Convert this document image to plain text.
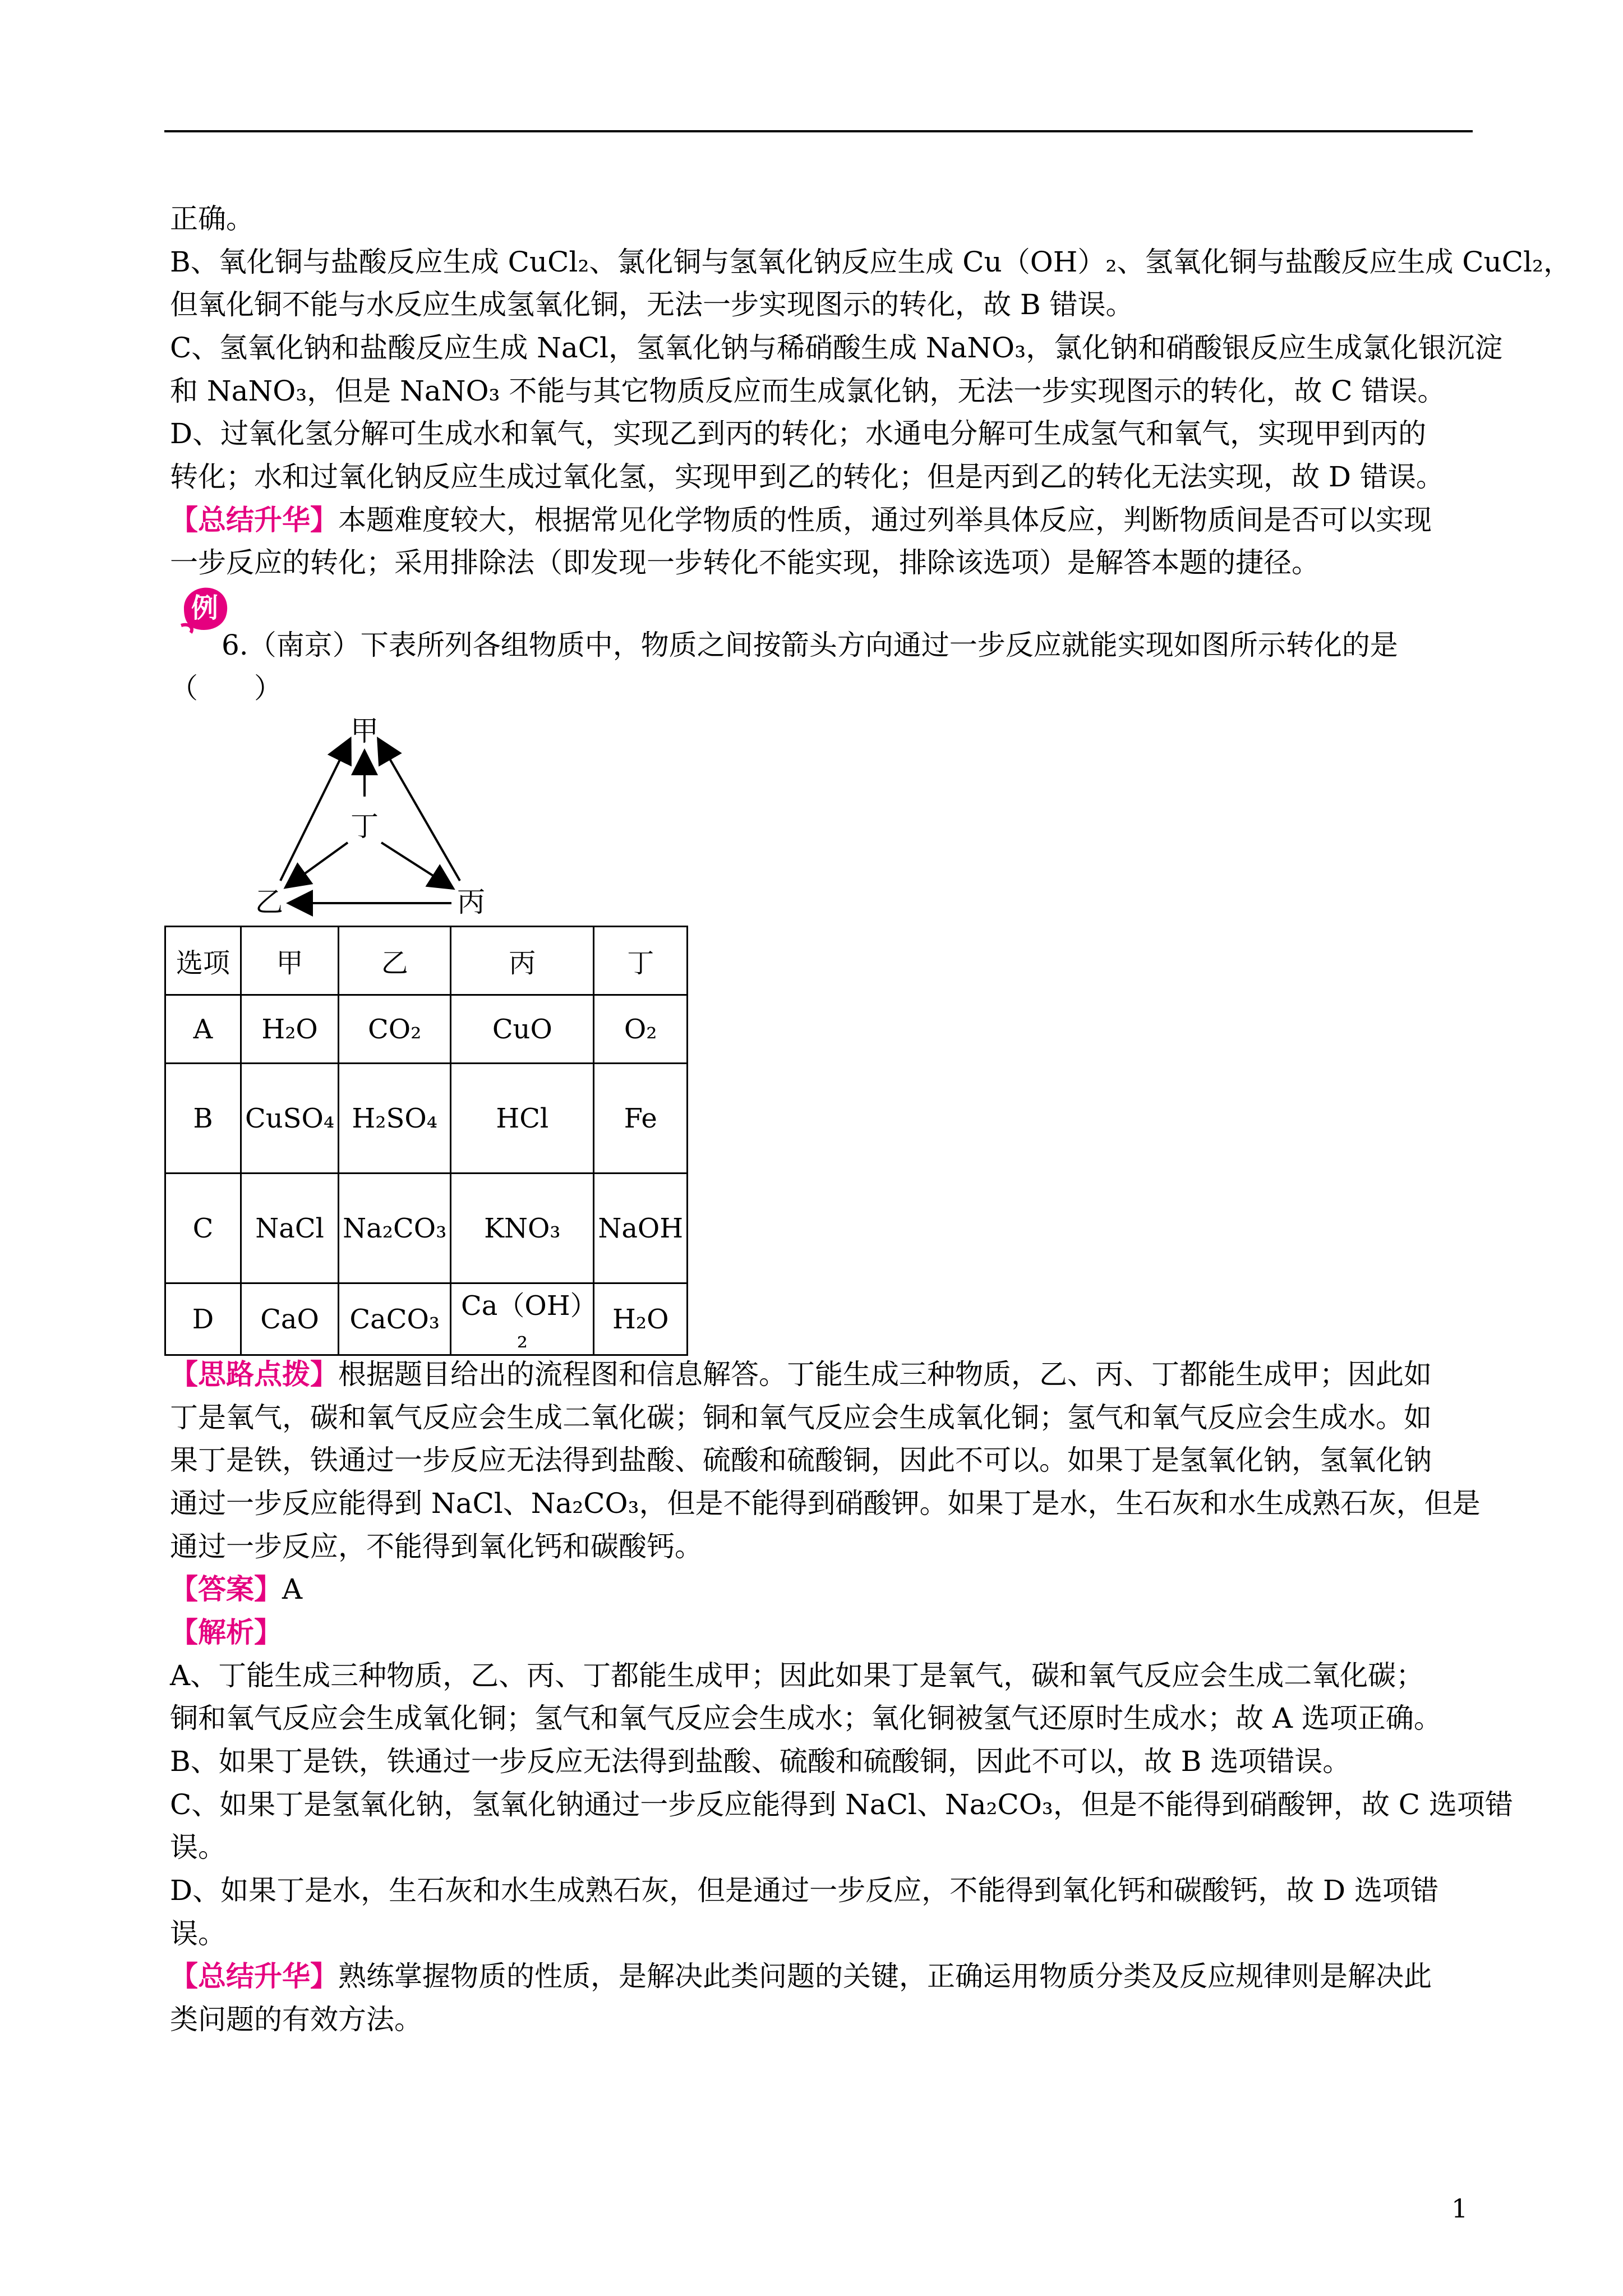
正确。
B、氧化铜与盐酸反应生成 CuCl₂、氯化铜与氢氧化钠反应生成 Cu（OH）₂、氢氧化铜与盐酸反应生成 CuCl₂，
但氧化铜不能与水反应生成氢氧化铜，无法一步实现图示的转化，故 B 错误。
C、氢氧化钠和盐酸反应生成 NaCl，氢氧化钠与稀硝酸生成 NaNO₃，氯化钠和硝酸银反应生成氯化银沉淀
和 NaNO₃，但是 NaNO₃ 不能与其它物质反应而生成氯化钠，无法一步实现图示的转化，故 C 错误。
D、过氧化氢分解可生成水和氧气，实现乙到丙的转化；水通电分解可生成氢气和氧气，实现甲到丙的
转化；水和过氧化钠反应生成过氧化氢，实现甲到乙的转化；但是丙到乙的转化无法实现，故 D 错误。
【总结升华】本题难度较大，根据常见化学物质的性质，通过列举具体反应，判断物质间是否可以实现
一步反应的转化；采用排除法（即发现一步转化不能实现，排除该选项）是解答本题的捷径。
例
6.（南京）下表所列各组物质中，物质之间按箭头方向通过一步反应就能实现如图所示转化的是
（　　）
甲
丁
乙	丙
选项	甲	乙	丙	丁
A	H₂O	CO₂	CuO	O₂
B	CuSO₄	H₂SO₄	HCl	Fe
C	NaCl	Na₂CO₃	KNO₃	NaOH
D	CaO	CaCO₃	Ca（OH）₂	H₂O
【思路点拨】根据题目给出的流程图和信息解答。丁能生成三种物质，乙、丙、丁都能生成甲；因此如
丁是氧气，碳和氧气反应会生成二氧化碳；铜和氧气反应会生成氧化铜；氢气和氧气反应会生成水。如
果丁是铁，铁通过一步反应无法得到盐酸、硫酸和硫酸铜，因此不可以。如果丁是氢氧化钠，氢氧化钠
通过一步反应能得到 NaCl、Na₂CO₃，但是不能得到硝酸钾。如果丁是水，生石灰和水生成熟石灰，但是
通过一步反应，不能得到氧化钙和碳酸钙。
【答案】A
【解析】
A、丁能生成三种物质，乙、丙、丁都能生成甲；因此如果丁是氧气，碳和氧气反应会生成二氧化碳；
铜和氧气反应会生成氧化铜；氢气和氧气反应会生成水；氧化铜被氢气还原时生成水；故 A 选项正确。
B、如果丁是铁，铁通过一步反应无法得到盐酸、硫酸和硫酸铜，因此不可以，故 B 选项错误。
C、如果丁是氢氧化钠，氢氧化钠通过一步反应能得到 NaCl、Na₂CO₃，但是不能得到硝酸钾，故 C 选项错
误。
D、如果丁是水，生石灰和水生成熟石灰，但是通过一步反应，不能得到氧化钙和碳酸钙，故 D 选项错
误。
【总结升华】熟练掌握物质的性质，是解决此类问题的关键，正确运用物质分类及反应规律则是解决此
类问题的有效方法。
1
